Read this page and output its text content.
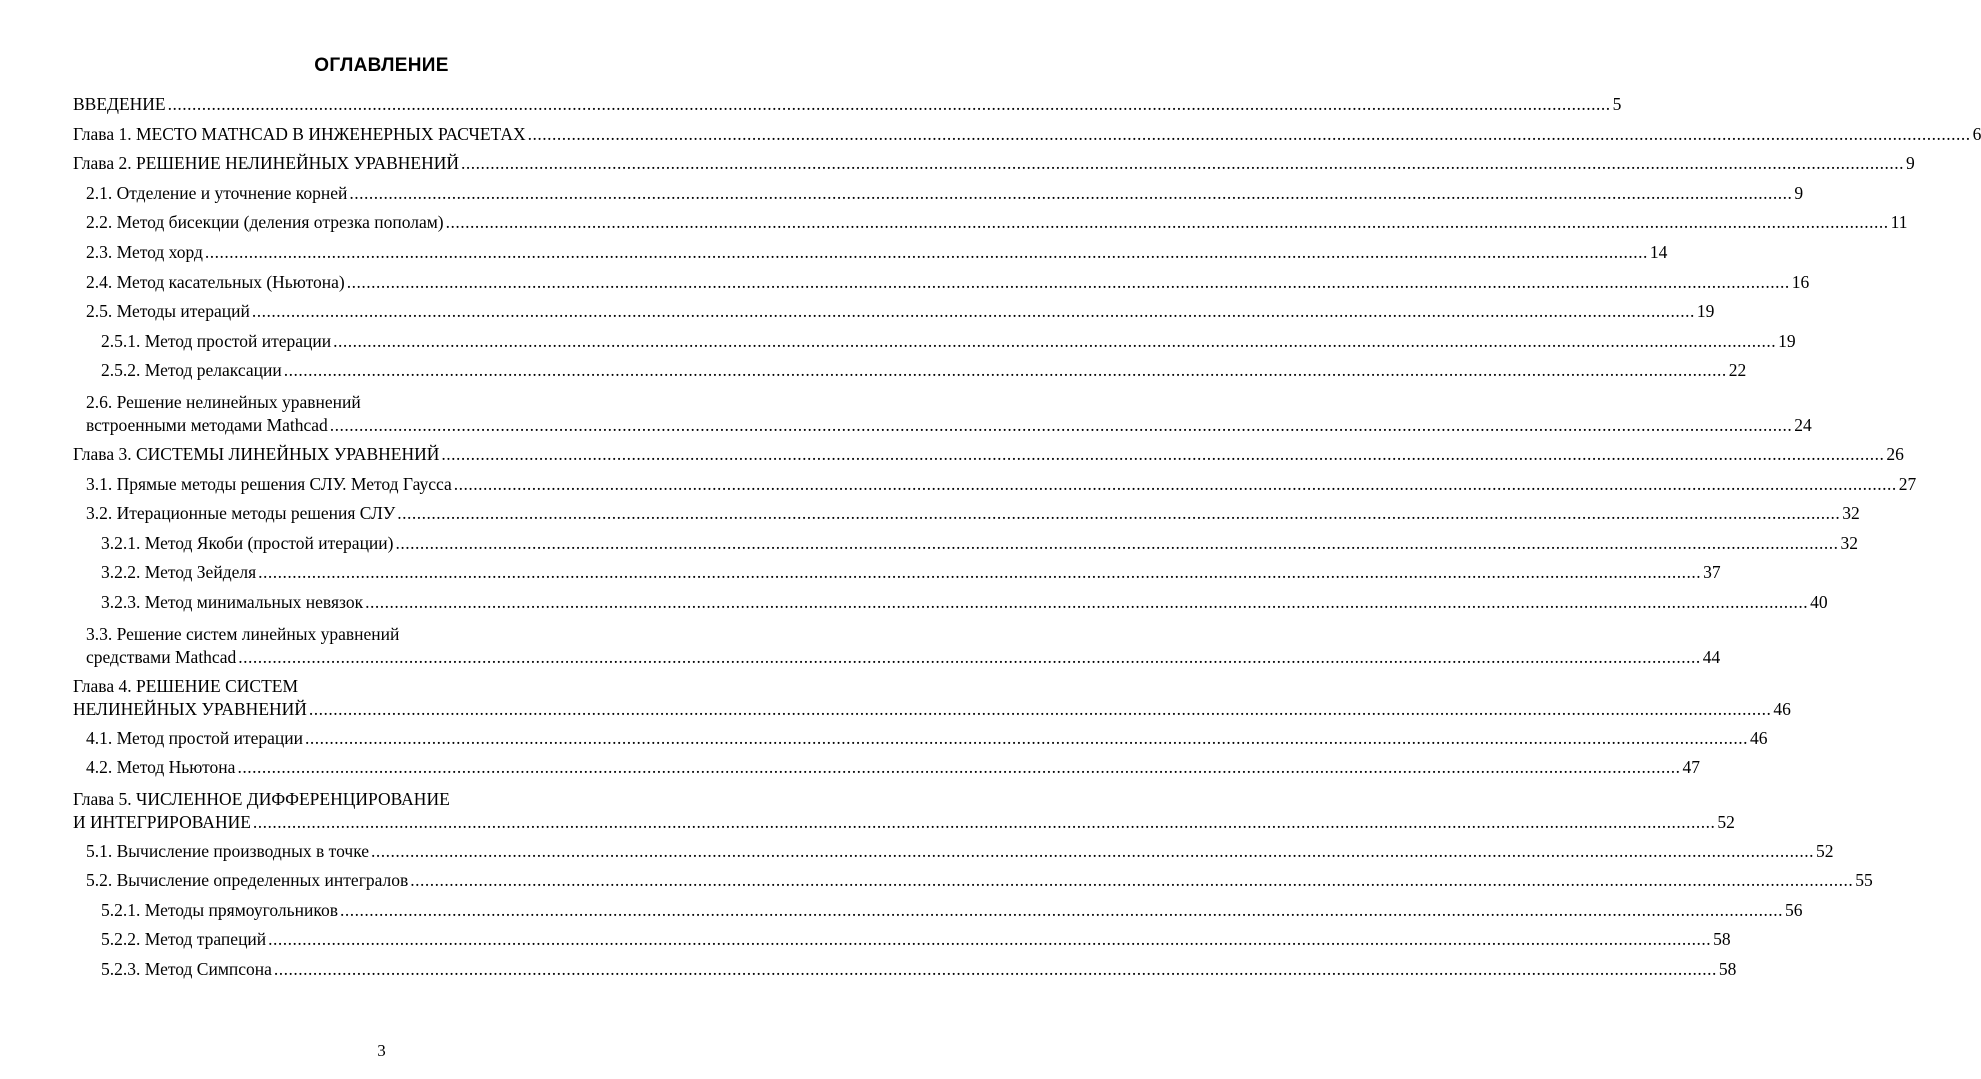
ОГЛАВЛЕНИЕ
ВВЕДЕНИЕ .....	5
Глава 1. МЕСТО MATHCAD В ИНЖЕНЕРНЫХ РАСЧЕТАХ .....	6
Глава 2. РЕШЕНИЕ НЕЛИНЕЙНЫХ УРАВНЕНИЙ .....	9
2.1. Отделение и уточнение корней .....	9
2.2. Метод бисекции (деления отрезка пополам) .....	11
2.3. Метод хорд .....	14
2.4. Метод касательных (Ньютона) .....	16
2.5. Методы итераций .....	19
2.5.1. Метод простой итерации .....	19
2.5.2. Метод релаксации .....	22
2.6. Решение нелинейных уравнений
встроенными методами Mathcad ............................................................................................................................................................................................................................................................................................................ 24
Глава 3. СИСТЕМЫ ЛИНЕЙНЫХ УРАВНЕНИЙ .....	26
3.1. Прямые методы решения СЛУ. Метод Гаусса .....	27
3.2. Итерационные методы решения СЛУ .....	32
3.2.1. Метод Якоби (простой итерации) .....	32
3.2.2. Метод Зейделя .....	37
3.2.3. Метод минимальных невязок .....	40
3.3. Решение систем линейных уравнений
средствами Mathcad ............................................................................................................................................................................................................................................................................................................ 44
Глава 4. РЕШЕНИЕ СИСТЕМ
НЕЛИНЕЙНЫХ УРАВНЕНИЙ ............................................................................................................................................................................................................................................................................................................ 46
4.1. Метод простой итерации .....	46
4.2. Метод Ньютона .....	47
Глава 5. ЧИСЛЕННОЕ ДИФФЕРЕНЦИРОВАНИЕ
И ИНТЕГРИРОВАНИЕ ............................................................................................................................................................................................................................................................................................................ 52
5.1. Вычисление производных в точке .....	52
5.2. Вычисление определенных интегралов .....	55
5.2.1. Методы прямоугольников .....	56
5.2.2. Метод трапеций .....	58
5.2.3. Метод Симпсона .....	58
3
